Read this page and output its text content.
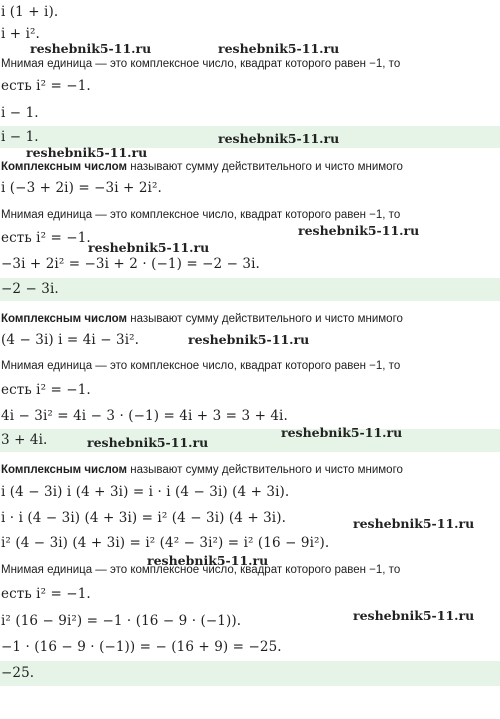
i (1 + i).
i + i².
Мнимая единица — это комплексное число, квадрат которого равен −1, то
есть i² = −1.
i − 1.
i − 1.
Комплексным числом называют сумму действительного и чисто мнимого
i (−3 + 2i) = −3i + 2i².
Мнимая единица — это комплексное число, квадрат которого равен −1, то
есть i² = −1.
−3i + 2i² = −3i + 2 · (−1) = −2 − 3i.
−2 − 3i.
Комплексным числом называют сумму действительного и чисто мнимого
(4 − 3i) i = 4i − 3i².
Мнимая единица — это комплексное число, квадрат которого равен −1, то
есть i² = −1.
4i − 3i² = 4i − 3 · (−1) = 4i + 3 = 3 + 4i.
3 + 4i.
Комплексным числом называют сумму действительного и чисто мнимого
i (4 − 3i) i (4 + 3i) = i · i (4 − 3i) (4 + 3i).
i · i (4 − 3i) (4 + 3i) = i² (4 − 3i) (4 + 3i).
i² (4 − 3i) (4 + 3i) = i² (4² − 3i²) = i² (16 − 9i²).
Мнимая единица — это комплексное число, квадрат которого равен −1, то
есть i² = −1.
i² (16 − 9i²) = −1 · (16 − 9 · (−1)).
−1 · (16 − 9 · (−1)) = − (16 + 9) = −25.
−25.
reshebnik5-11.ru	reshebnik5-11.ru
reshebnik5-11.ru
reshebnik5-11.ru
reshebnik5-11.ru
reshebnik5-11.ru
reshebnik5-11.ru
reshebnik5-11.ru
reshebnik5-11.ru
reshebnik5-11.ru
reshebnik5-11.ru
reshebnik5-11.ru
